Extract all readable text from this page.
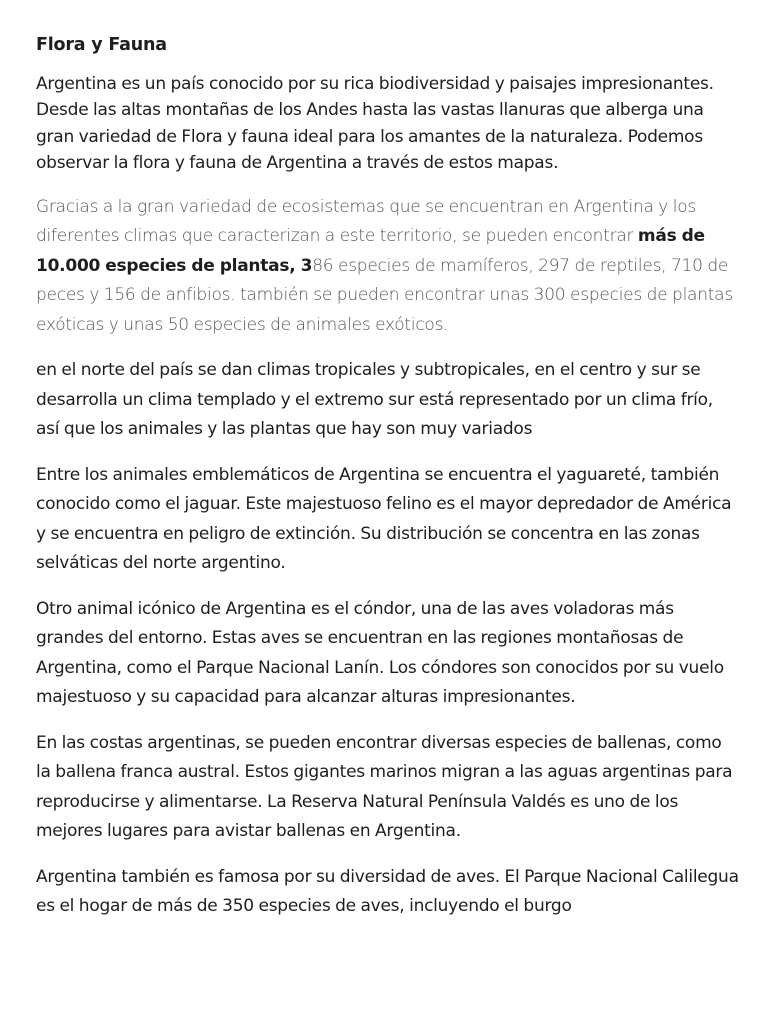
Flora y Fauna

Argentina es un país conocido por su rica biodiversidad y paisajes impresionantes. Desde las altas montañas de los Andes hasta las vastas llanuras que alberga una gran variedad de Flora y fauna ideal para los amantes de la naturaleza. Podemos observar la flora y fauna de Argentina a través de estos mapas.

Gracias a la gran variedad de ecosistemas que se encuentran en Argentina y los diferentes climas que caracterizan a este territorio, se pueden encontrar más de 10.000 especies de plantas, 386 especies de mamíferos, 297 de reptiles, 710 de peces y 156 de anfibios. también se pueden encontrar unas 300 especies de plantas exóticas y unas 50 especies de animales exóticos.

en el norte del país se dan climas tropicales y subtropicales, en el centro y sur se desarrolla un clima templado y el extremo sur está representado por un clima frío, así que los animales y las plantas que hay son muy variados

Entre los animales emblemáticos de Argentina se encuentra el yaguareté, también conocido como el jaguar. Este majestuoso felino es el mayor depredador de América y se encuentra en peligro de extinción. Su distribución se concentra en las zonas selváticas del norte argentino.

Otro animal icónico de Argentina es el cóndor, una de las aves voladoras más grandes del entorno. Estas aves se encuentran en las regiones montañosas de Argentina, como el Parque Nacional Lanín. Los cóndores son conocidos por su vuelo majestuoso y su capacidad para alcanzar alturas impresionantes.

En las costas argentinas, se pueden encontrar diversas especies de ballenas, como la ballena franca austral. Estos gigantes marinos migran a las aguas argentinas para reproducirse y alimentarse. La Reserva Natural Península Valdés es uno de los mejores lugares para avistar ballenas en Argentina.

Argentina también es famosa por su diversidad de aves. El Parque Nacional Calilegua es el hogar de más de 350 especies de aves, incluyendo el burgo
